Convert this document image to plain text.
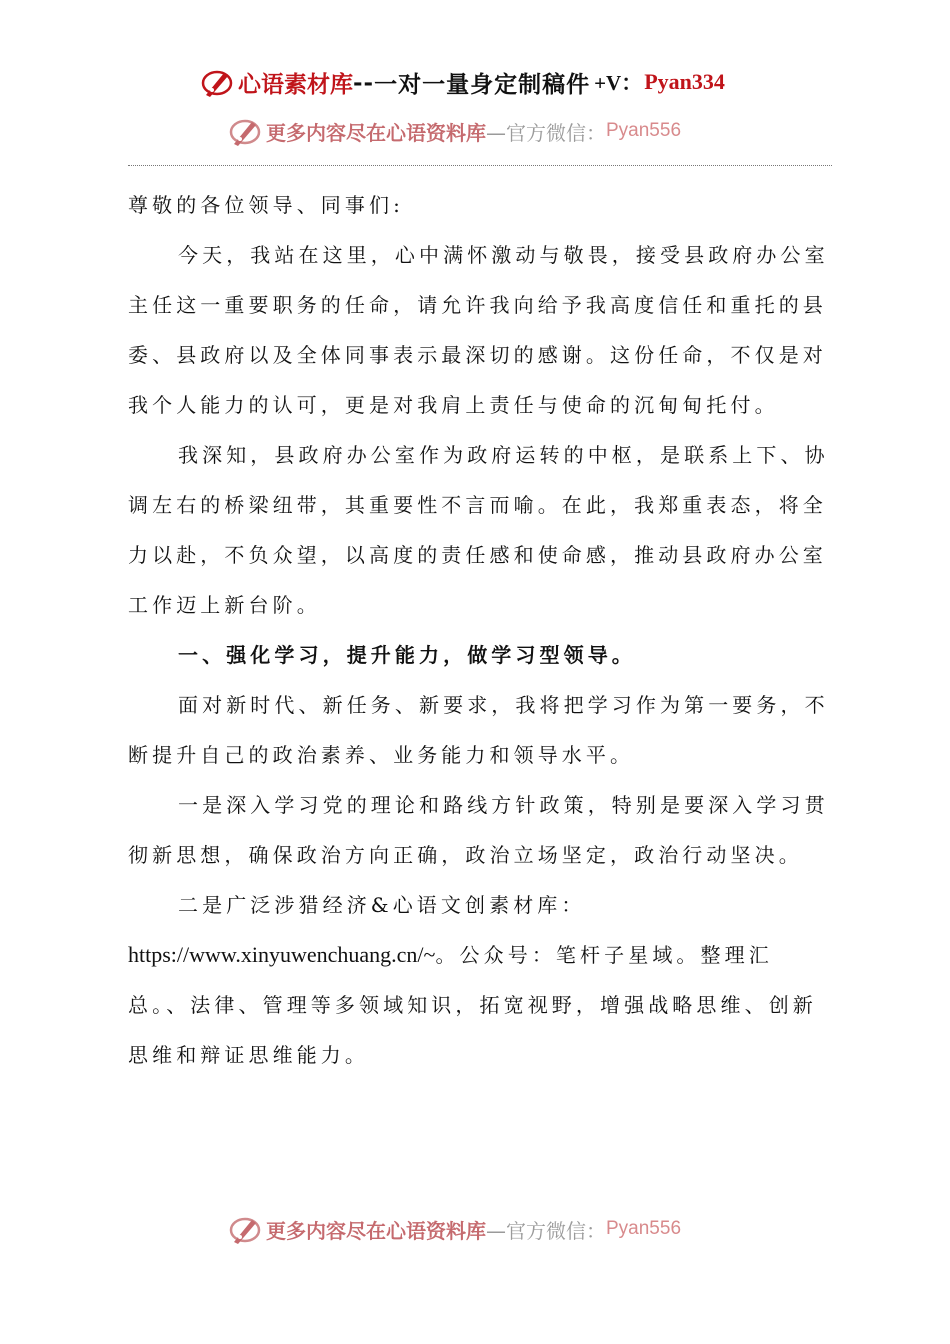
心语素材库 -- 一对一量身定制稿件 +V： Pyan334
更多内容尽在心语资料库 —官方微信： Pyan556

尊敬的各位领导、同事们:

今天，我站在这里，心中满怀激动与敬畏，接受县政府办公室主任这一重要职务的任命，请允许我向给予我高度信任和重托的县委、县政府以及全体同事表示最深切的感谢。这份任命，不仅是对我个人能力的认可，更是对我肩上责任与使命的沉甸甸托付。

我深知，县政府办公室作为政府运转的中枢，是联系上下、协调左右的桥梁纽带，其重要性不言而喻。在此，我郑重表态，将全力以赴，不负众望，以高度的责任感和使命感，推动县政府办公室工作迈上新台阶。

一、强化学习，提升能力，做学习型领导。

面对新时代、新任务、新要求，我将把学习作为第一要务，不断提升自己的政治素养、业务能力和领导水平。

一是深入学习党的理论和路线方针政策，特别是要深入学习贯彻新思想，确保政治方向正确，政治立场坚定，政治行动坚决。

二是广泛涉猎经济&心语文创素材库：

https://www.xinyuwenchuang.cn/~。公众号：笔杆子星域。整理汇总。、法律、管理等多领域知识，拓宽视野，增强战略思维、创新思维和辩证思维能力。

更多内容尽在心语资料库 —官方微信： Pyan556
